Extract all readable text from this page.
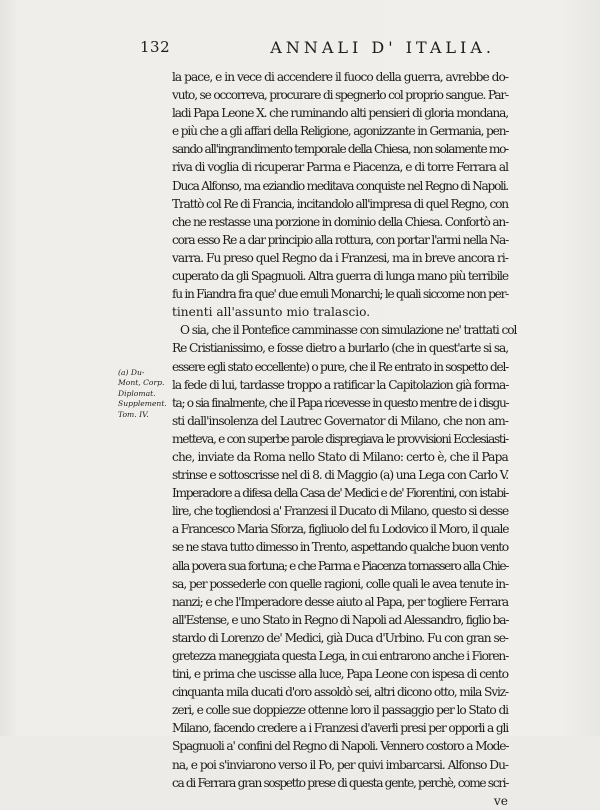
132	ANNALI D' ITALIA.
(a) Du-
Mont, Corp.
Diplomat.
Supplement.
Tom. IV.
la pace, e in vece di accendere il fuoco della guerra, avrebbe do-
vuto, se occorreva, procurare di spegnerlo col proprio sangue. Par-
ladi Papa Leone X. che ruminando alti pensieri di gloria mondana,
e più che a gli affari della Religione, agonizzante in Germania, pen-
sando all'ingrandimento temporale della Chiesa, non solamente mo-
riva di voglia di ricuperar Parma e Piacenza, e di torre Ferrara al
Duca Alfonso, ma eziandio meditava conquiste nel Regno di Napoli.
Trattò col Re di Francia, incitandolo all'impresa di quel Regno, con
che ne restasse una porzione in dominio della Chiesa. Confortò an-
cora esso Re a dar principio alla rottura, con portar l'armi nella Na-
varra. Fu preso quel Regno da i Franzesi, ma in breve ancora ri-
cuperato da gli Spagnuoli. Altra guerra di lunga mano più terribile
fu in Fiandra fra que' due emuli Monarchi; le quali siccome non per-
tinenti all'assunto mio tralascio.
O sia, che il Pontefice camminasse con simulazione ne' trattati col
Re Cristianissimo, e fosse dietro a burlarlo (che in quest'arte si sa,
essere egli stato eccellente) o pure, che il Re entrato in sospetto del-
la fede di lui, tardasse troppo a ratificar la Capitolazion già forma-
ta; o sia finalmente, che il Papa ricevesse in questo mentre de i disgu-
sti dall'insolenza del Lautrec Governator di Milano, che non am-
metteva, e con superbe parole dispregiava le provvisioni Ecclesiasti-
che, inviate da Roma nello Stato di Milano: certo è, che il Papa
strinse e sottoscrisse nel di 8. di Maggio (a) una Lega con Carlo V.
Imperadore a difesa della Casa de' Medici e de' Fiorentini, con istabi-
lire, che togliendosi a' Franzesi il Ducato di Milano, questo si desse
a Francesco Maria Sforza, figliuolo del fu Lodovico il Moro, il quale
se ne stava tutto dimesso in Trento, aspettando qualche buon vento
alla povera sua fortuna; e che Parma e Piacenza tornassero alla Chie-
sa, per possederle con quelle ragioni, colle quali le avea tenute in-
nanzi; e che l'Imperadore desse aiuto al Papa, per togliere Ferrara
all'Estense, e uno Stato in Regno di Napoli ad Alessandro, figlio ba-
stardo di Lorenzo de' Medici, già Duca d'Urbino. Fu con gran se-
gretezza maneggiata questa Lega, in cui entrarono anche i Fioren-
tini, e prima che uscisse alla luce, Papa Leone con ispesa di cento
cinquanta mila ducati d'oro assoldò sei, altri dicono otto, mila Sviz-
zeri, e colle sue doppiezze ottenne loro il passaggio per lo Stato di
Milano, facendo credere a i Franzesi d'averli presi per opporli a gli
Spagnuoli a' confini del Regno di Napoli. Vennero costoro a Mode-
na, e poi s'inviarono verso il Po, per quivi imbarcarsi. Alfonso Du-
ca di Ferrara gran sospetto prese di questa gente, perchè, come scri-
ve
